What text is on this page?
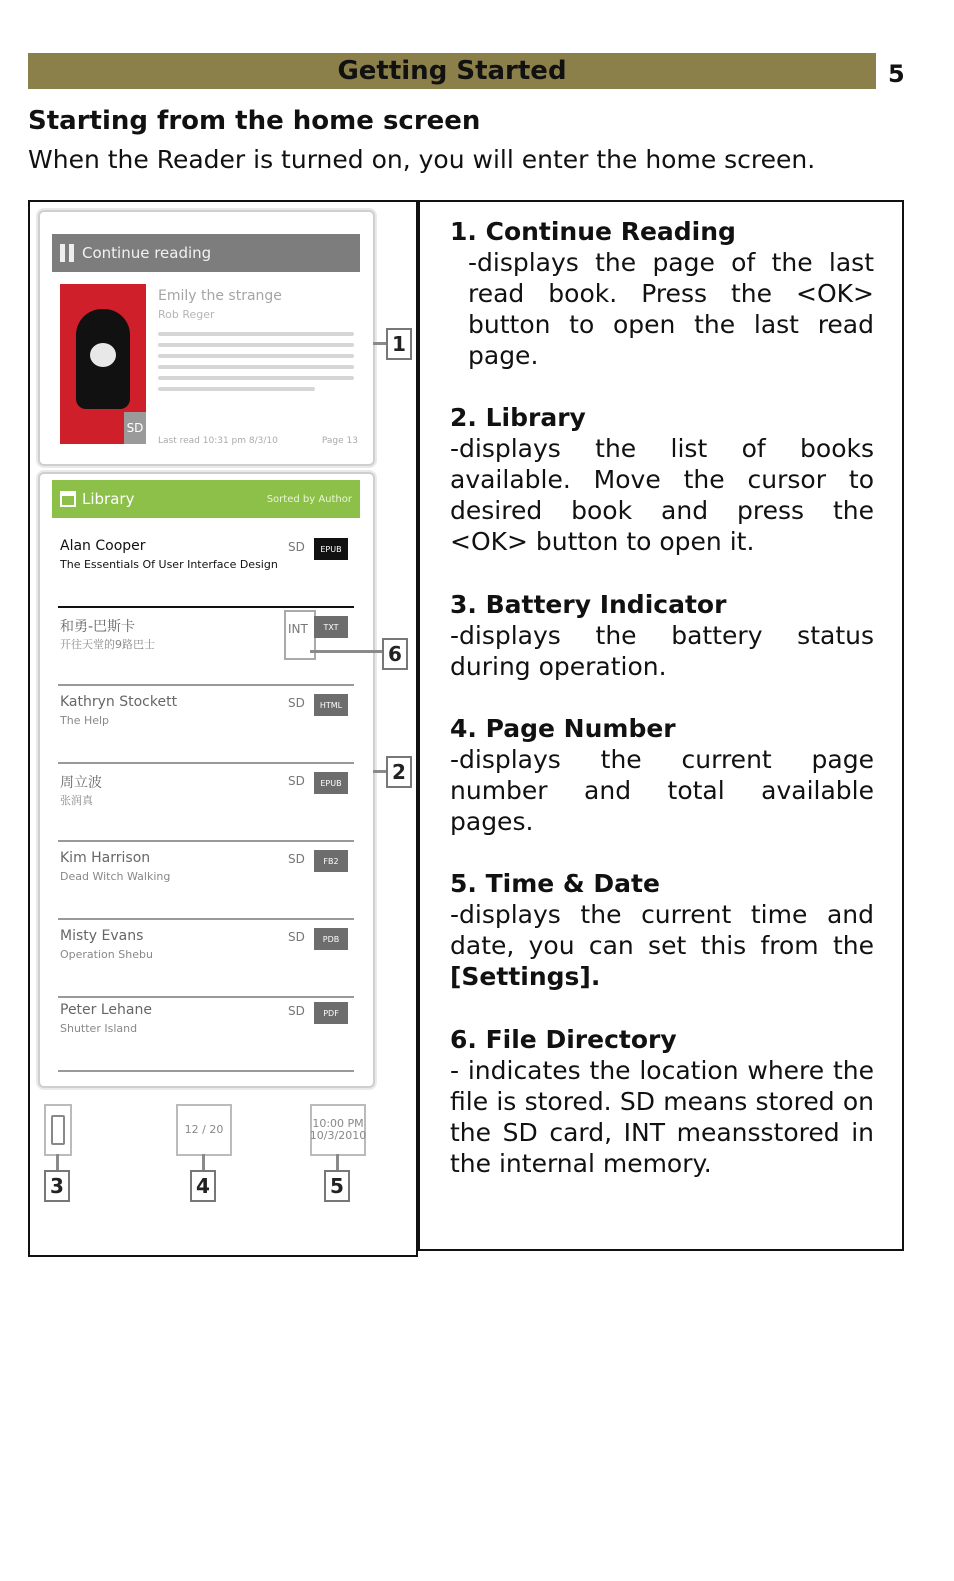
Getting Started	5
Starting from the home screen
When the Reader is turned on, you will enter the home screen.
Continue reading
SD
Emily the strange
Rob Reger
Last read 10:31 pm 8/3/10	Page 13
Library	Sorted by Author
Alan Cooper
The Essentials Of User Interface Design
SD	EPUB
和勇-巴斯卡
开往天堂的9路巴士
INT	TXT
Kathryn Stockett
The Help
SD	HTML
周立波
张润真
SD	EPUB
Kim Harrison
Dead Witch Walking
SD	FB2
Misty Evans
Operation Shebu
SD	PDB
Peter Lehane
Shutter Island
SD	PDF
12 / 20	10:00 PM
10/3/2010
1
6
2
3	4	5
1. Continue Reading

-displays the page of the last read book. Press the <OK> button to open the last read page.

2. Library

-displays the list of books available. Move the cursor to desired book and press the <OK> button to open it.

3. Battery Indicator

-displays the battery status during operation.

4. Page Number

-displays the current page number and total available pages.

5. Time & Date

-displays the current time and date, you can set this from the [Settings].

6. File Directory

- indicates the location where the file is stored. SD means stored on the SD card, INT meansstored in the internal memory.
